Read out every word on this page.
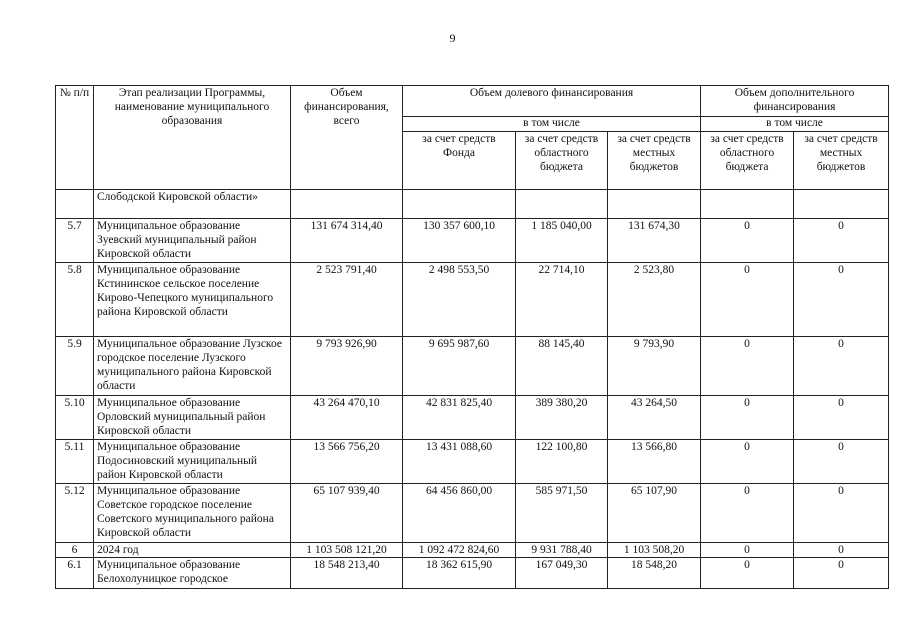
9
№ п/п	Этап реализации Программы, наименование муниципального образования	Объем финансирования, всего	Объем долевого финансирования			Объем дополнительного финансирования	
			в том числе			в том числе	
			за счет средств Фонда	за счет средств областного бюджета	за счет средств местных бюджетов	за счет средств областного бюджета	за счет средств местных бюджетов
	Слободской Кировской области»						
5.7	Муниципальное образование Зуевский муниципальный район Кировской области	131 674 314,40	130 357 600,10	1 185 040,00	131 674,30	0	0
5.8	Муниципальное образование Кстининское сельское поселение Кирово-Чепецкого муниципального района Кировской области	2 523 791,40	2 498 553,50	22 714,10	2 523,80	0	0
5.9	Муниципальное образование Лузское городское поселение Лузского муниципального района Кировской области	9 793 926,90	9 695 987,60	88 145,40	9 793,90	0	0
5.10	Муниципальное образование Орловский муниципальный район Кировской области	43 264 470,10	42 831 825,40	389 380,20	43 264,50	0	0
5.11	Муниципальное образование Подосиновский муниципальный район Кировской области	13 566 756,20	13 431 088,60	122 100,80	13 566,80	0	0
5.12	Муниципальное образование Советское городское поселение Советского муниципального района Кировской области	65 107 939,40	64 456 860,00	585 971,50	65 107,90	0	0
6	2024 год	1 103 508 121,20	1 092 472 824,60	9 931 788,40	1 103 508,20	0	0
6.1	Муниципальное образование Белохолуницкое городское	18 548 213,40	18 362 615,90	167 049,30	18 548,20	0	0
